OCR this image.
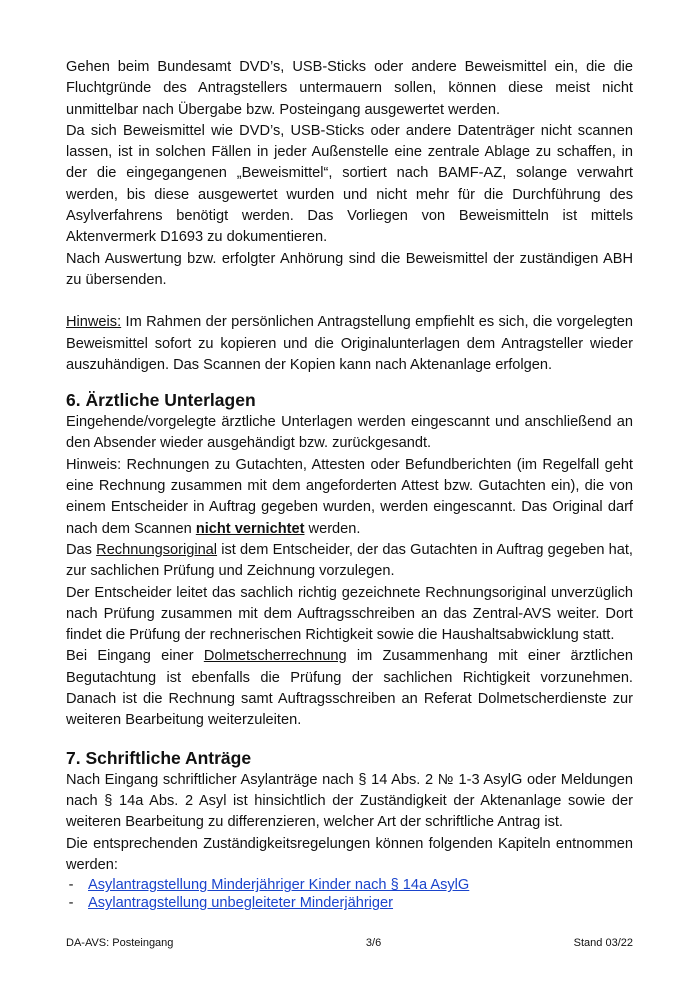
Gehen beim Bundesamt DVD’s, USB-Sticks oder andere Beweismittel ein, die die Fluchtgründe des Antragstellers untermauern sollen, können diese meist nicht unmittelbar nach Übergabe bzw. Posteingang ausgewertet werden.

Da sich Beweismittel wie DVD’s, USB-Sticks oder andere Datenträger nicht scannen lassen, ist in solchen Fällen in jeder Außenstelle eine zentrale Ablage zu schaffen, in der die eingegangenen „Beweismittel“, sortiert nach BAMF-AZ, solange verwahrt werden, bis diese ausgewertet wurden und nicht mehr für die Durchführung des Asylverfahrens benötigt werden. Das Vorliegen von Beweismitteln ist mittels Aktenvermerk D1693 zu dokumentieren.

Nach Auswertung bzw. erfolgter Anhörung sind die Beweismittel der zuständigen ABH zu übersenden.

Hinweis: Im Rahmen der persönlichen Antragstellung empfiehlt es sich, die vorgelegten Beweismittel sofort zu kopieren und die Originalunterlagen dem Antragsteller wieder auszuhändigen. Das Scannen der Kopien kann nach Aktenanlage erfolgen.

6. Ärztliche Unterlagen

Eingehende/vorgelegte ärztliche Unterlagen werden eingescannt und anschließend an den Absender wieder ausgehändigt bzw. zurückgesandt.

Hinweis: Rechnungen zu Gutachten, Attesten oder Befundberichten (im Regelfall geht eine Rechnung zusammen mit dem angeforderten Attest bzw. Gutachten ein), die von einem Entscheider in Auftrag gegeben wurden, werden eingescannt. Das Original darf nach dem Scannen nicht vernichtet werden.

Das Rechnungsoriginal ist dem Entscheider, der das Gutachten in Auftrag gegeben hat, zur sachlichen Prüfung und Zeichnung vorzulegen.

Der Entscheider leitet das sachlich richtig gezeichnete Rechnungsoriginal unverzüglich nach Prüfung zusammen mit dem Auftragsschreiben an das Zentral-AVS weiter. Dort findet die Prüfung der rechnerischen Richtigkeit sowie die Haushaltsabwicklung statt.

Bei Eingang einer Dolmetscherrechnung im Zusammenhang mit einer ärztlichen Begutachtung ist ebenfalls die Prüfung der sachlichen Richtigkeit vorzunehmen. Danach ist die Rechnung samt Auftragsschreiben an Referat Dolmetscherdienste zur weiteren Bearbeitung weiterzuleiten.

7. Schriftliche Anträge

Nach Eingang schriftlicher Asylanträge nach § 14 Abs. 2 № 1-3 AsylG oder Meldungen nach § 14a Abs. 2 Asyl ist hinsichtlich der Zuständigkeit der Aktenanlage sowie der weiteren Bearbeitung zu differenzieren, welcher Art der schriftliche Antrag ist.

Die entsprechenden Zuständigkeitsregelungen können folgenden Kapiteln entnommen werden:

- Asylantragstellung Minderjähriger Kinder nach § 14a AsylG
- Asylantragstellung unbegleiteter Minderjähriger
DA-AVS: Posteingang	3/6	Stand 03/22
